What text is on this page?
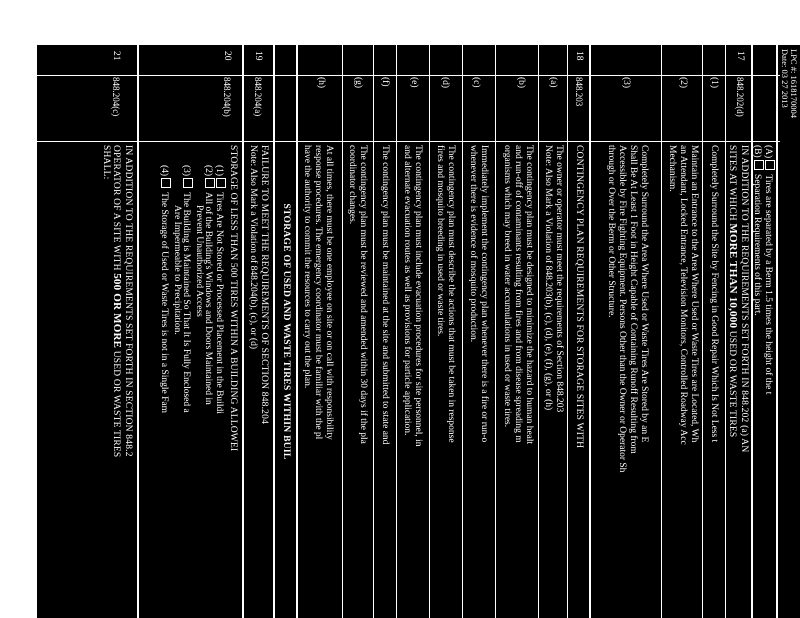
LPC #: 1618170004
Date: 03 27 2013
(A) Tires are separated by a Berm 1.5 times the height of the t
(B) Separation Requirements of this part.
17
848.202(d)
IN ADDITION TO THE REQUIREMENTS SET FORTH IN 848.202 (a) AN
SITES AT WHICH MORE THAN 10,000 USED OR WASTE TIRES
(1)
Completely Surround the Site by Fencing in Good Repair Which Is Not Less t
(2)
Maintain an Entrance to the Area Where Used or Waste Tires are Located, Wh
an Attendant, Locked Entrance, Television Monitors, Controlled Roadway Acc
Mechanism.
(3)
Completely Surround the Area Where Used or Waste Tires Are Stored by an E
Shall Be At Least 1 Foot in Height Capable of Containing Runoff Resulting from
Accessible by Fire Fighting Equipment. Persons Other than the Owner or Operator Sh
through or Over the Berm or Other Structure.
18
848.203
CONTINGENCY PLAN REQUIREMENTS FOR STORAGE SITES WITH
(a)
The owner or operator must meet the requirements of Section 848.203
Note: Also Mark a Violation of 848.203(b), (c), (d), (e), (f), (g), or (h)
(b)
The contingency plan must be designed to minimize the hazard to human healt
and run-off of contaminants resulting from fires and from disease spreading m
organisms which may breed in water accumulations in used or waste tires.
(c)
Immediately implement the contingency plan whenever there is a fire or run-o
whenever there is evidence of mosquito production.
(d)
The contingency plan must describe the actions that must be taken in response
fires and mosquito breeding in used or waste tires.
(e)
The contingency plan must include evacuation procedures for site personnel, in
and alternate evacuation routes as well as provisions for particle application.
(f)
The contingency plan must be maintained at the site and submitted to state and
(g)
The contingency plan must be reviewed and amended within 30 days if the pla
coordinator changes.
(h)
At all times, there must be one employee on site or on call with responsibility
response procedures. The emergency coordinator must be familiar with the pl
have the authority to commit the resources to carry out the plan.
STORAGE OF USED AND WASTE TIRES WITHIN BUIL
19
848.204(a)
FAILURE TO MEET THE REQUIREMENTS OF SECTION 848.204
Note: Also Mark a Violation of 848.204(b), (c), or (d)
20
848.204(b)
STORAGE OF LESS THAN 500 TIRES WITHIN A BUILDING ALLOWEI
(1) Tires Are Not Stored or Processed Placement in the Buildi
(2) All of the Building's Windows and Doors Maintained in
Prevent Unauthorized Access
(3) The Building is Maintained So That It Is Fully Enclosed a
Are Impermeable to Precipitation.
(4) The Storage of Used or Waste Tires is not in a Single Fam
21
848.204(c)
IN ADDITION TO THE REQUIREMENTS SET FORTH IN SECTION 848.2
OPERATOR OF A SITE WITH 500 OR MORE USED OR WASTE TIRES
SHALL:
